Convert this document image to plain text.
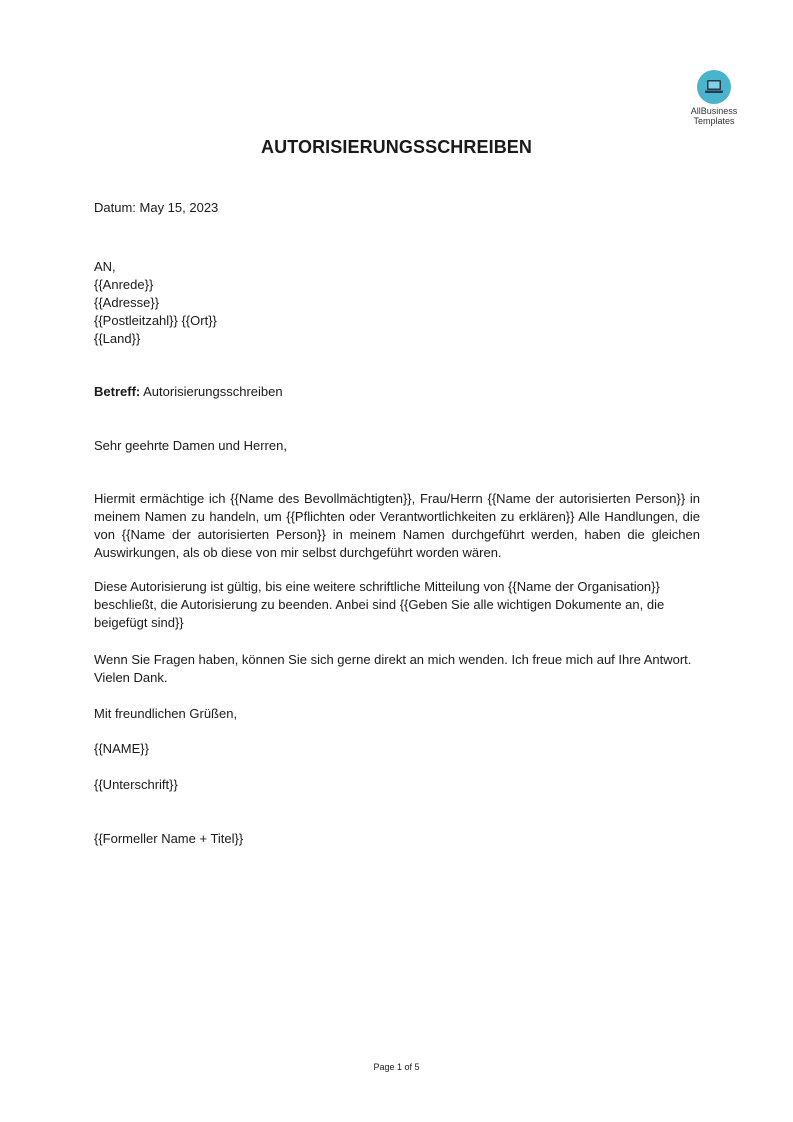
AllBusiness
Templates
AUTORISIERUNGSSCHREIBEN
Datum: May 15, 2023
AN,
{{Anrede}}
{{Adresse}}
{{Postleitzahl}} {{Ort}}
{{Land}}
Betreff: Autorisierungsschreiben
Sehr geehrte Damen und Herren,
Hiermit ermächtige ich {{Name des Bevollmächtigten}}, Frau/Herrn {{Name der autorisierten Person}} in meinem Namen zu handeln, um {{Pflichten oder Verantwortlichkeiten zu erklären}} Alle Handlungen, die von {{Name der autorisierten Person}} in meinem Namen durchgeführt werden, haben die gleichen Auswirkungen, als ob diese von mir selbst durchgeführt worden wären.
Diese Autorisierung ist gültig, bis eine weitere schriftliche Mitteilung von {{Name der Organisation}} beschließt, die Autorisierung zu beenden. Anbei sind {{Geben Sie alle wichtigen Dokumente an, die beigefügt sind}}
Wenn Sie Fragen haben, können Sie sich gerne direkt an mich wenden. Ich freue mich auf Ihre Antwort. Vielen Dank.
Mit freundlichen Grüßen,
{{NAME}}
{{Unterschrift}}
{{Formeller Name + Titel}}
Page 1 of 5
